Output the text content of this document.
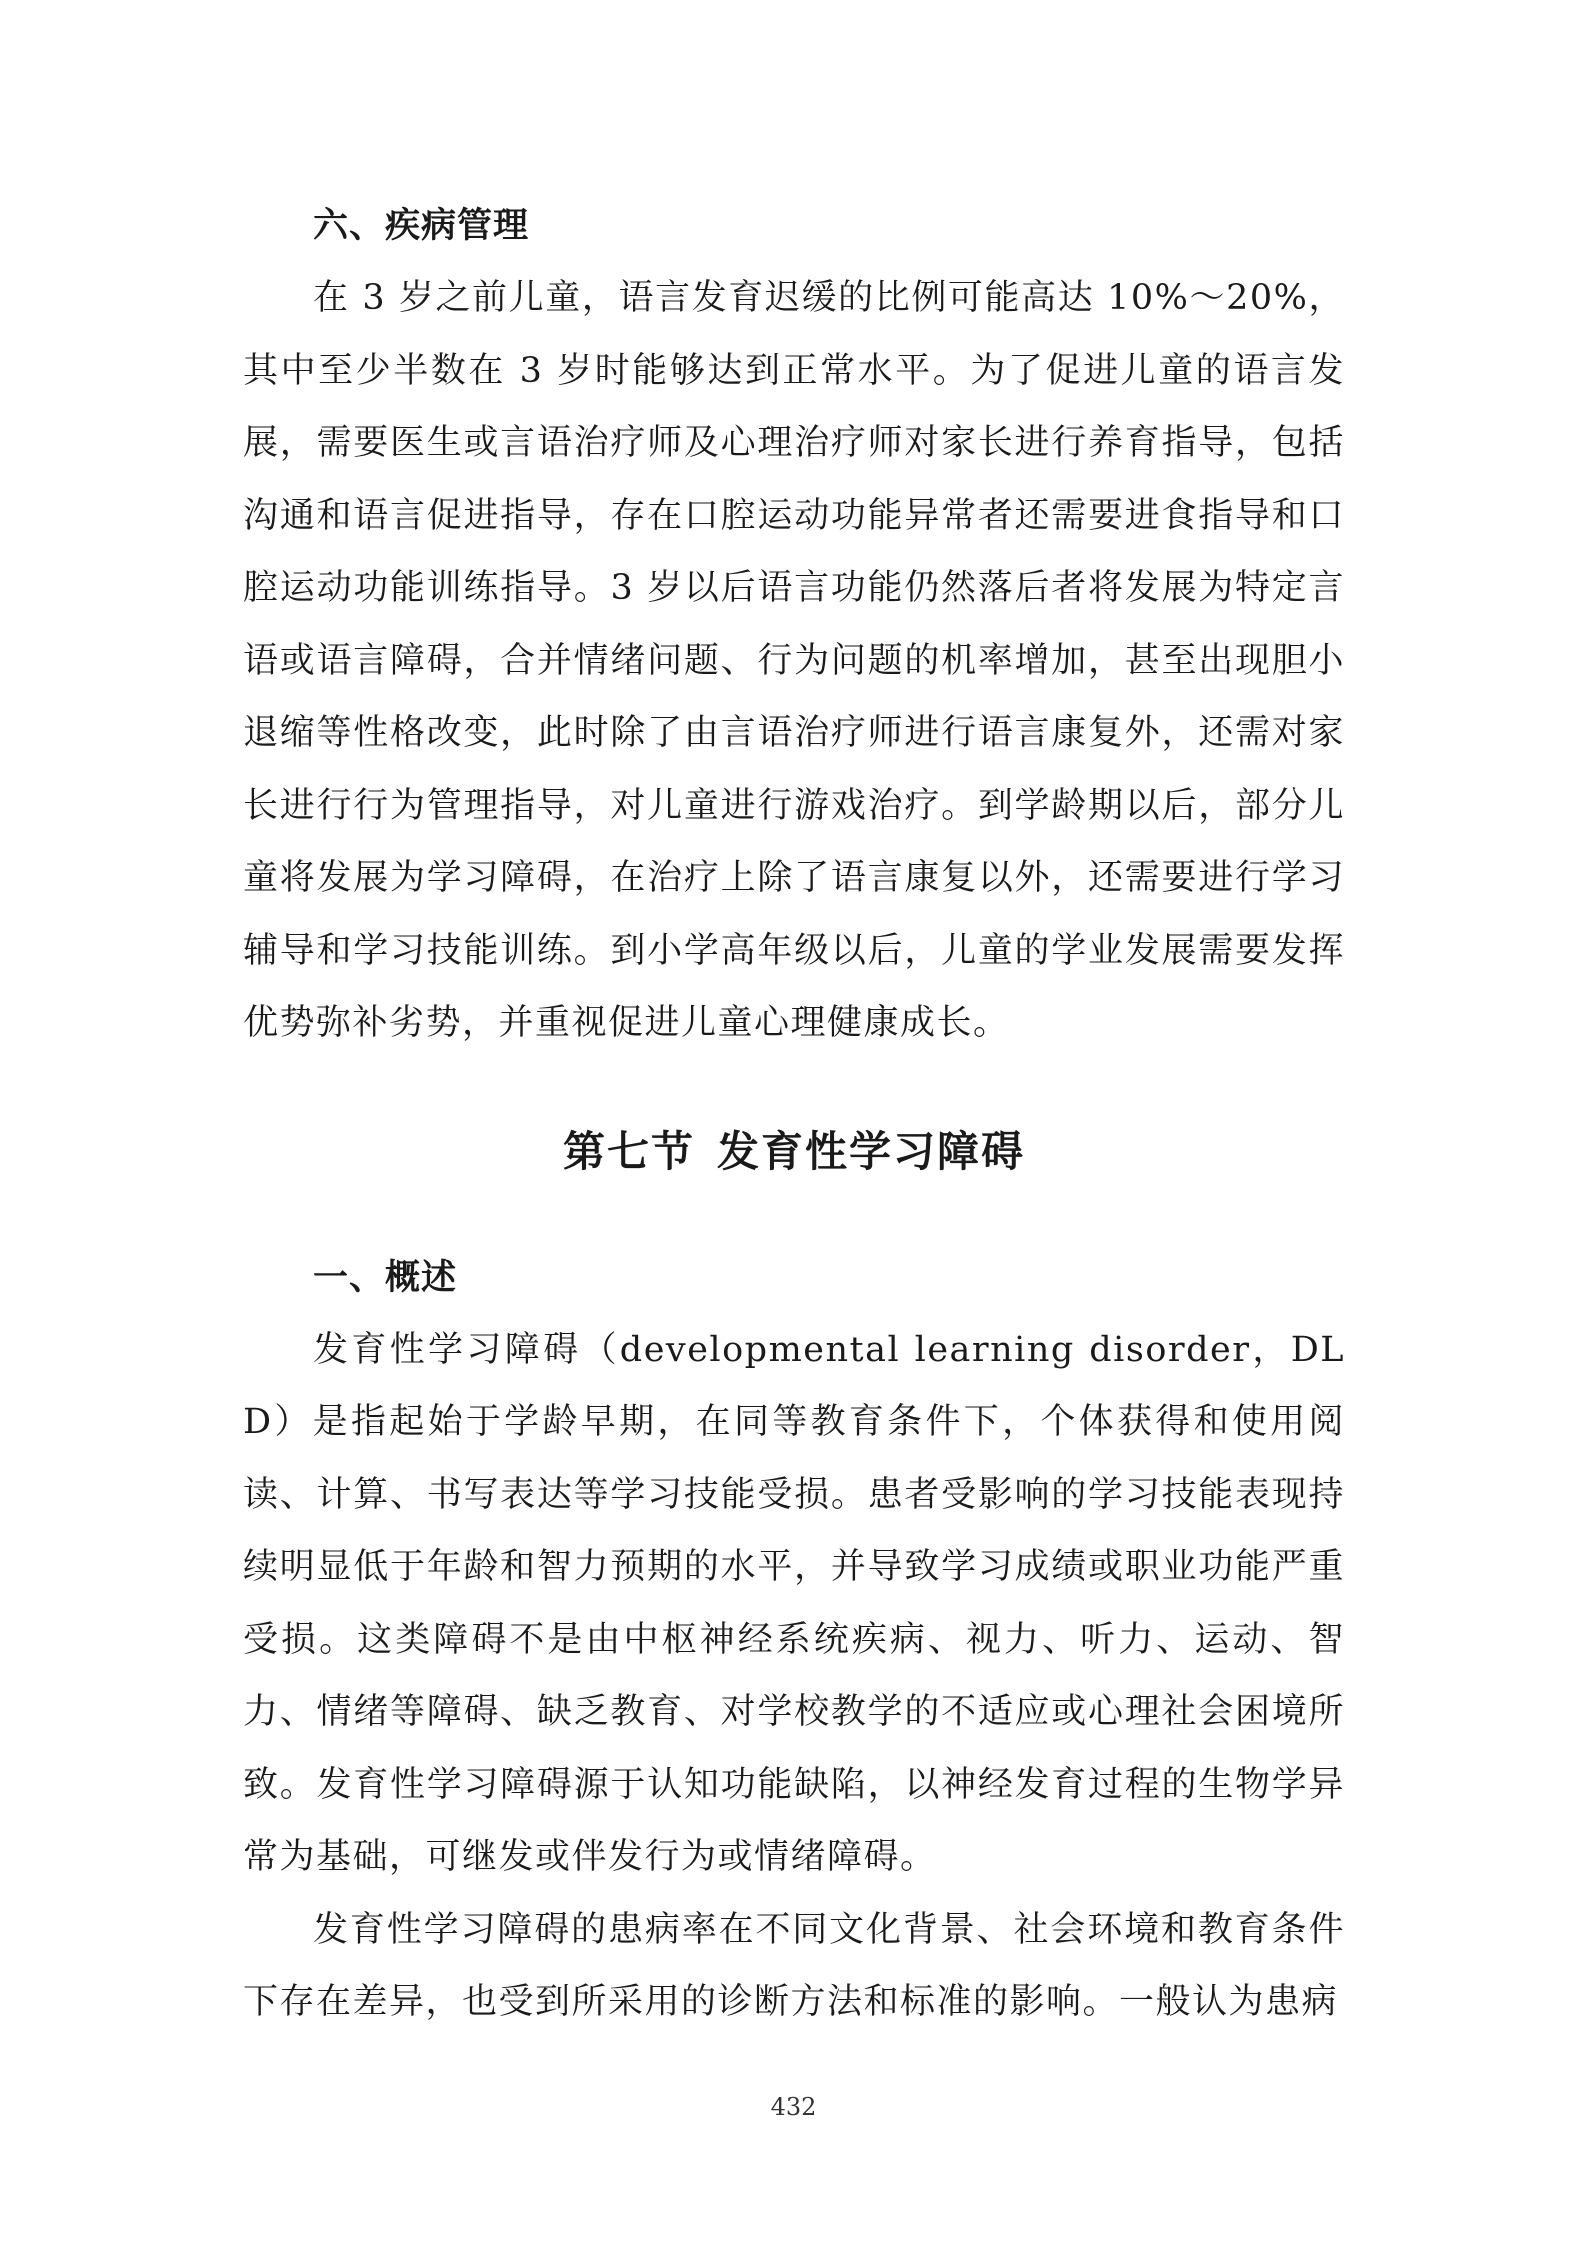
六、疾病管理

在 3 岁之前儿童，语言发育迟缓的比例可能高达 10%～20%，其中至少半数在 3 岁时能够达到正常水平。为了促进儿童的语言发展，需要医生或言语治疗师及心理治疗师对家长进行养育指导，包括沟通和语言促进指导，存在口腔运动功能异常者还需要进食指导和口腔运动功能训练指导。3 岁以后语言功能仍然落后者将发展为特定言语或语言障碍，合并情绪问题、行为问题的机率增加，甚至出现胆小退缩等性格改变，此时除了由言语治疗师进行语言康复外，还需对家长进行行为管理指导，对儿童进行游戏治疗。到学龄期以后，部分儿童将发展为学习障碍，在治疗上除了语言康复以外，还需要进行学习辅导和学习技能训练。到小学高年级以后，儿童的学业发展需要发挥优势弥补劣势，并重视促进儿童心理健康成长。

第七节 发育性学习障碍

一、概述

发育性学习障碍（developmental learning disorder，DLD）是指起始于学龄早期，在同等教育条件下，个体获得和使用阅读、计算、书写表达等学习技能受损。患者受影响的学习技能表现持续明显低于年龄和智力预期的水平，并导致学习成绩或职业功能严重受损。这类障碍不是由中枢神经系统疾病、视力、听力、运动、智力、情绪等障碍、缺乏教育、对学校教学的不适应或心理社会困境所致。发育性学习障碍源于认知功能缺陷，以神经发育过程的生物学异常为基础，可继发或伴发行为或情绪障碍。

发育性学习障碍的患病率在不同文化背景、社会环境和教育条件下存在差异，也受到所采用的诊断方法和标准的影响。一般认为患病

432
